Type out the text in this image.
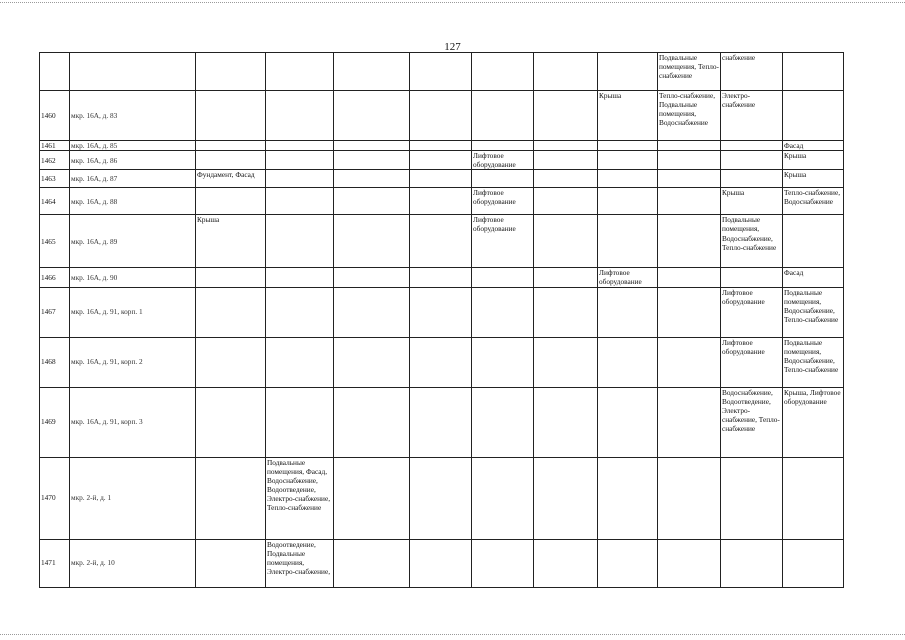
127
									Подвальные помещения, Тепло-снабжение	снабжение	
1460	мкр. 16А, д. 83							Крыша	Тепло-снабжение, Подвальные помещения, Водоснабжение	Электро-снабжение	
1461	мкр. 16А, д. 85										Фасад
1462	мкр. 16А, д. 86					Лифтовое оборудование					Крыша
1463	мкр. 16А, д. 87	Фундамент, Фасад									Крыша
1464	мкр. 16А, д. 88					Лифтовое оборудование				Крыша	Тепло-снабжение, Водоснабжение
1465	мкр. 16А, д. 89	Крыша				Лифтовое оборудование				Подвальные помещения, Водоснабжение, Тепло-снабжение	
1466	мкр. 16А, д. 90							Лифтовое оборудование			Фасад
1467	мкр. 16А, д. 91, корп. 1									Лифтовое оборудование	Подвальные помещения, Водоснабжение, Тепло-снабжение
1468	мкр. 16А, д. 91, корп. 2									Лифтовое оборудование	Подвальные помещения, Водоснабжение, Тепло-снабжение
1469	мкр. 16А, д. 91, корп. 3									Водоснабжение, Водоотведение, Электро-снабжение, Тепло-снабжение	Крыша, Лифтовое оборудование
1470	мкр. 2-й, д. 1		Подвальные помещения, Фасад, Водоснабжение, Водоотведение, Электро-снабжение, Тепло-снабжение								
1471	мкр. 2-й, д. 10		Водоотведение, Подвальные помещения, Электро-снабжение,								
